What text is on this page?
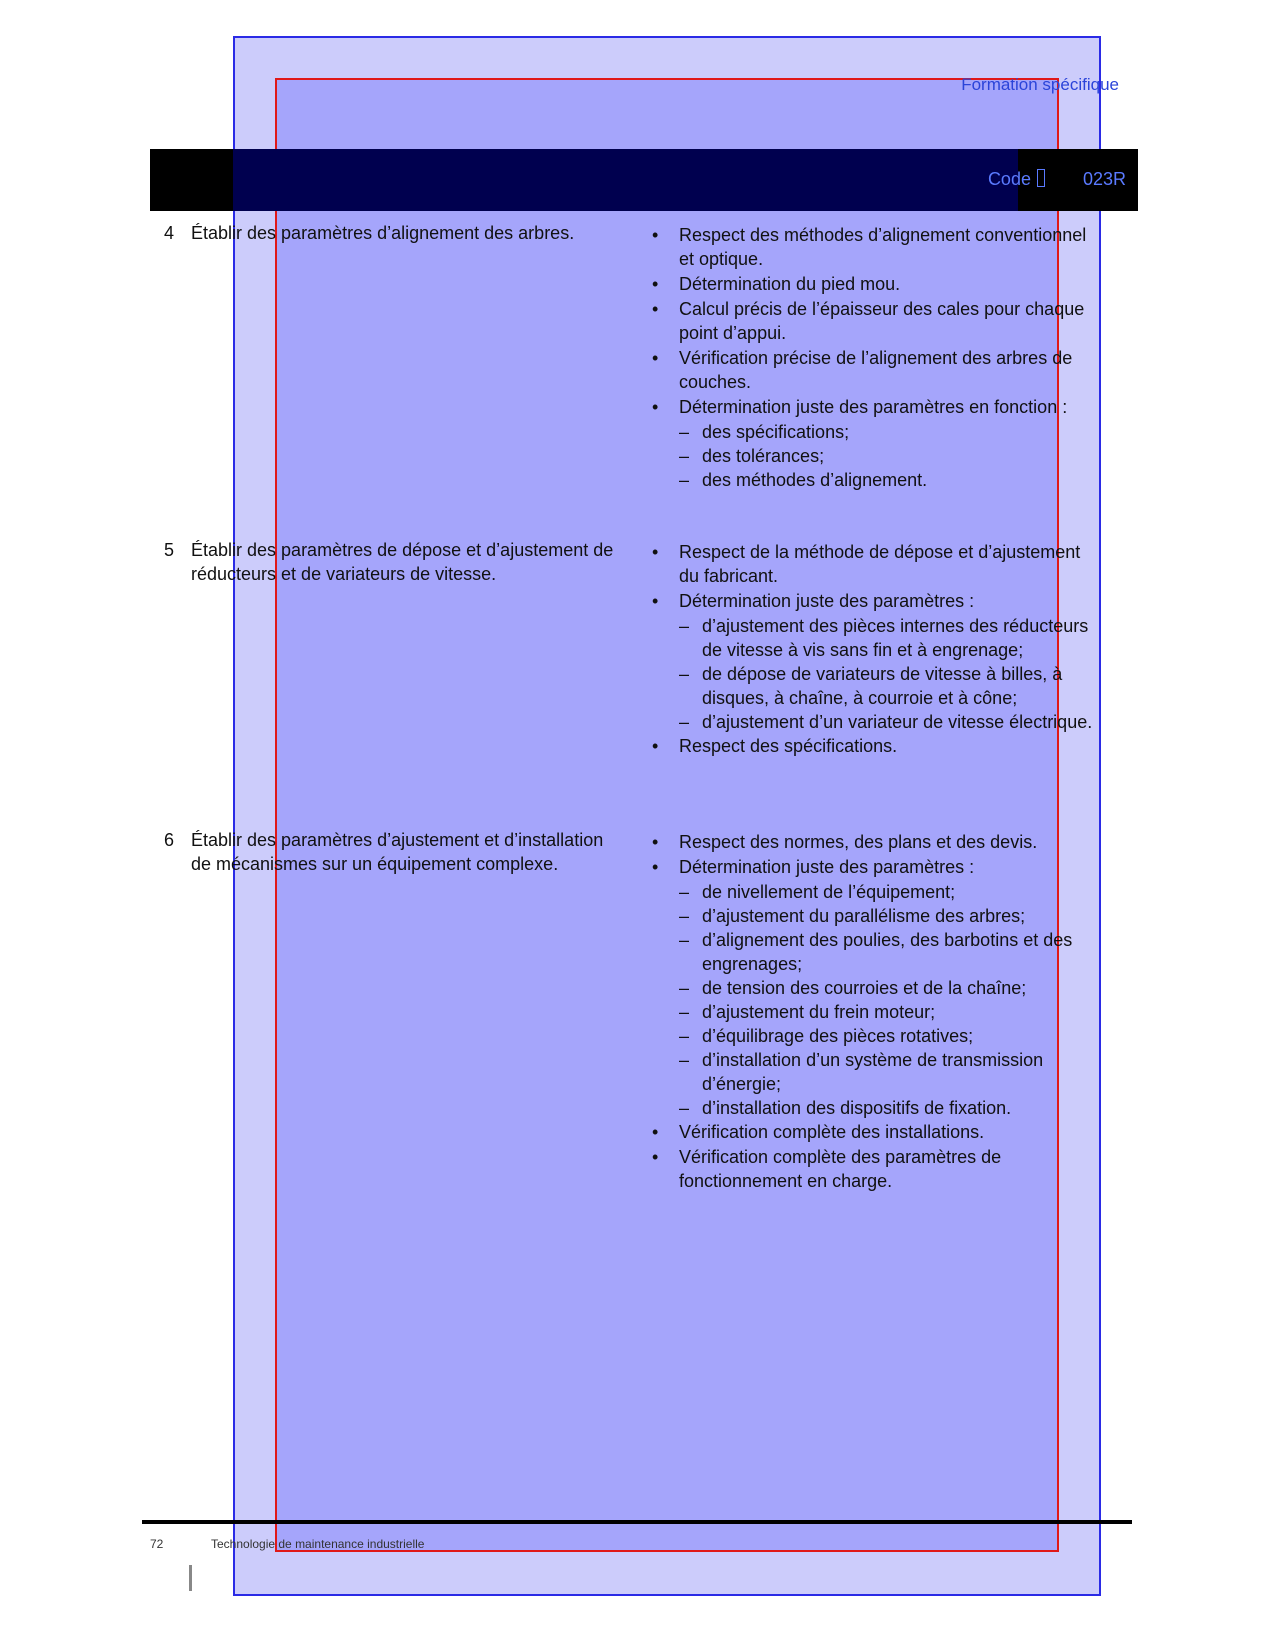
Formation spécifique
Code	023R
4 Établir des paramètres d’alignement des arbres.
•	Respect des méthodes d’alignement conventionnel et optique.
• Détermination du pied mou.
• Calcul précis de l’épaisseur des cales pour chaque point d’appui.
• Vérification précise de l’alignement des arbres de couches.
• Détermination juste des paramètres en fonction :
– des spécifications;
– des tolérances;
– des méthodes d’alignement.
5 Établir des paramètres de dépose et d’ajustement de réducteurs et de variateurs de vitesse.
• Respect de la méthode de dépose et d’ajustement du fabricant.
• Détermination juste des paramètres :
– d’ajustement des pièces internes des réducteurs de vitesse à vis sans fin et à engrenage;
– de dépose de variateurs de vitesse à billes, à disques, à chaîne, à courroie et à cône;
– d’ajustement d’un variateur de vitesse électrique.
• Respect des spécifications.
6 Établir des paramètres d’ajustement et d’installation de mécanismes sur un équipement complexe.
• Respect des normes, des plans et des devis.
• Détermination juste des paramètres :
– de nivellement de l’équipement;
– d’ajustement du parallélisme des arbres;
– d’alignement des poulies, des barbotins et des engrenages;
– de tension des courroies et de la chaîne;
– d’ajustement du frein moteur;
– d’équilibrage des pièces rotatives;
– d’installation d’un système de transmission d’énergie;
– d’installation des dispositifs de fixation.
• Vérification complète des installations.
• Vérification complète des paramètres de fonctionnement en charge.
72	Technologie de maintenance industrielle
